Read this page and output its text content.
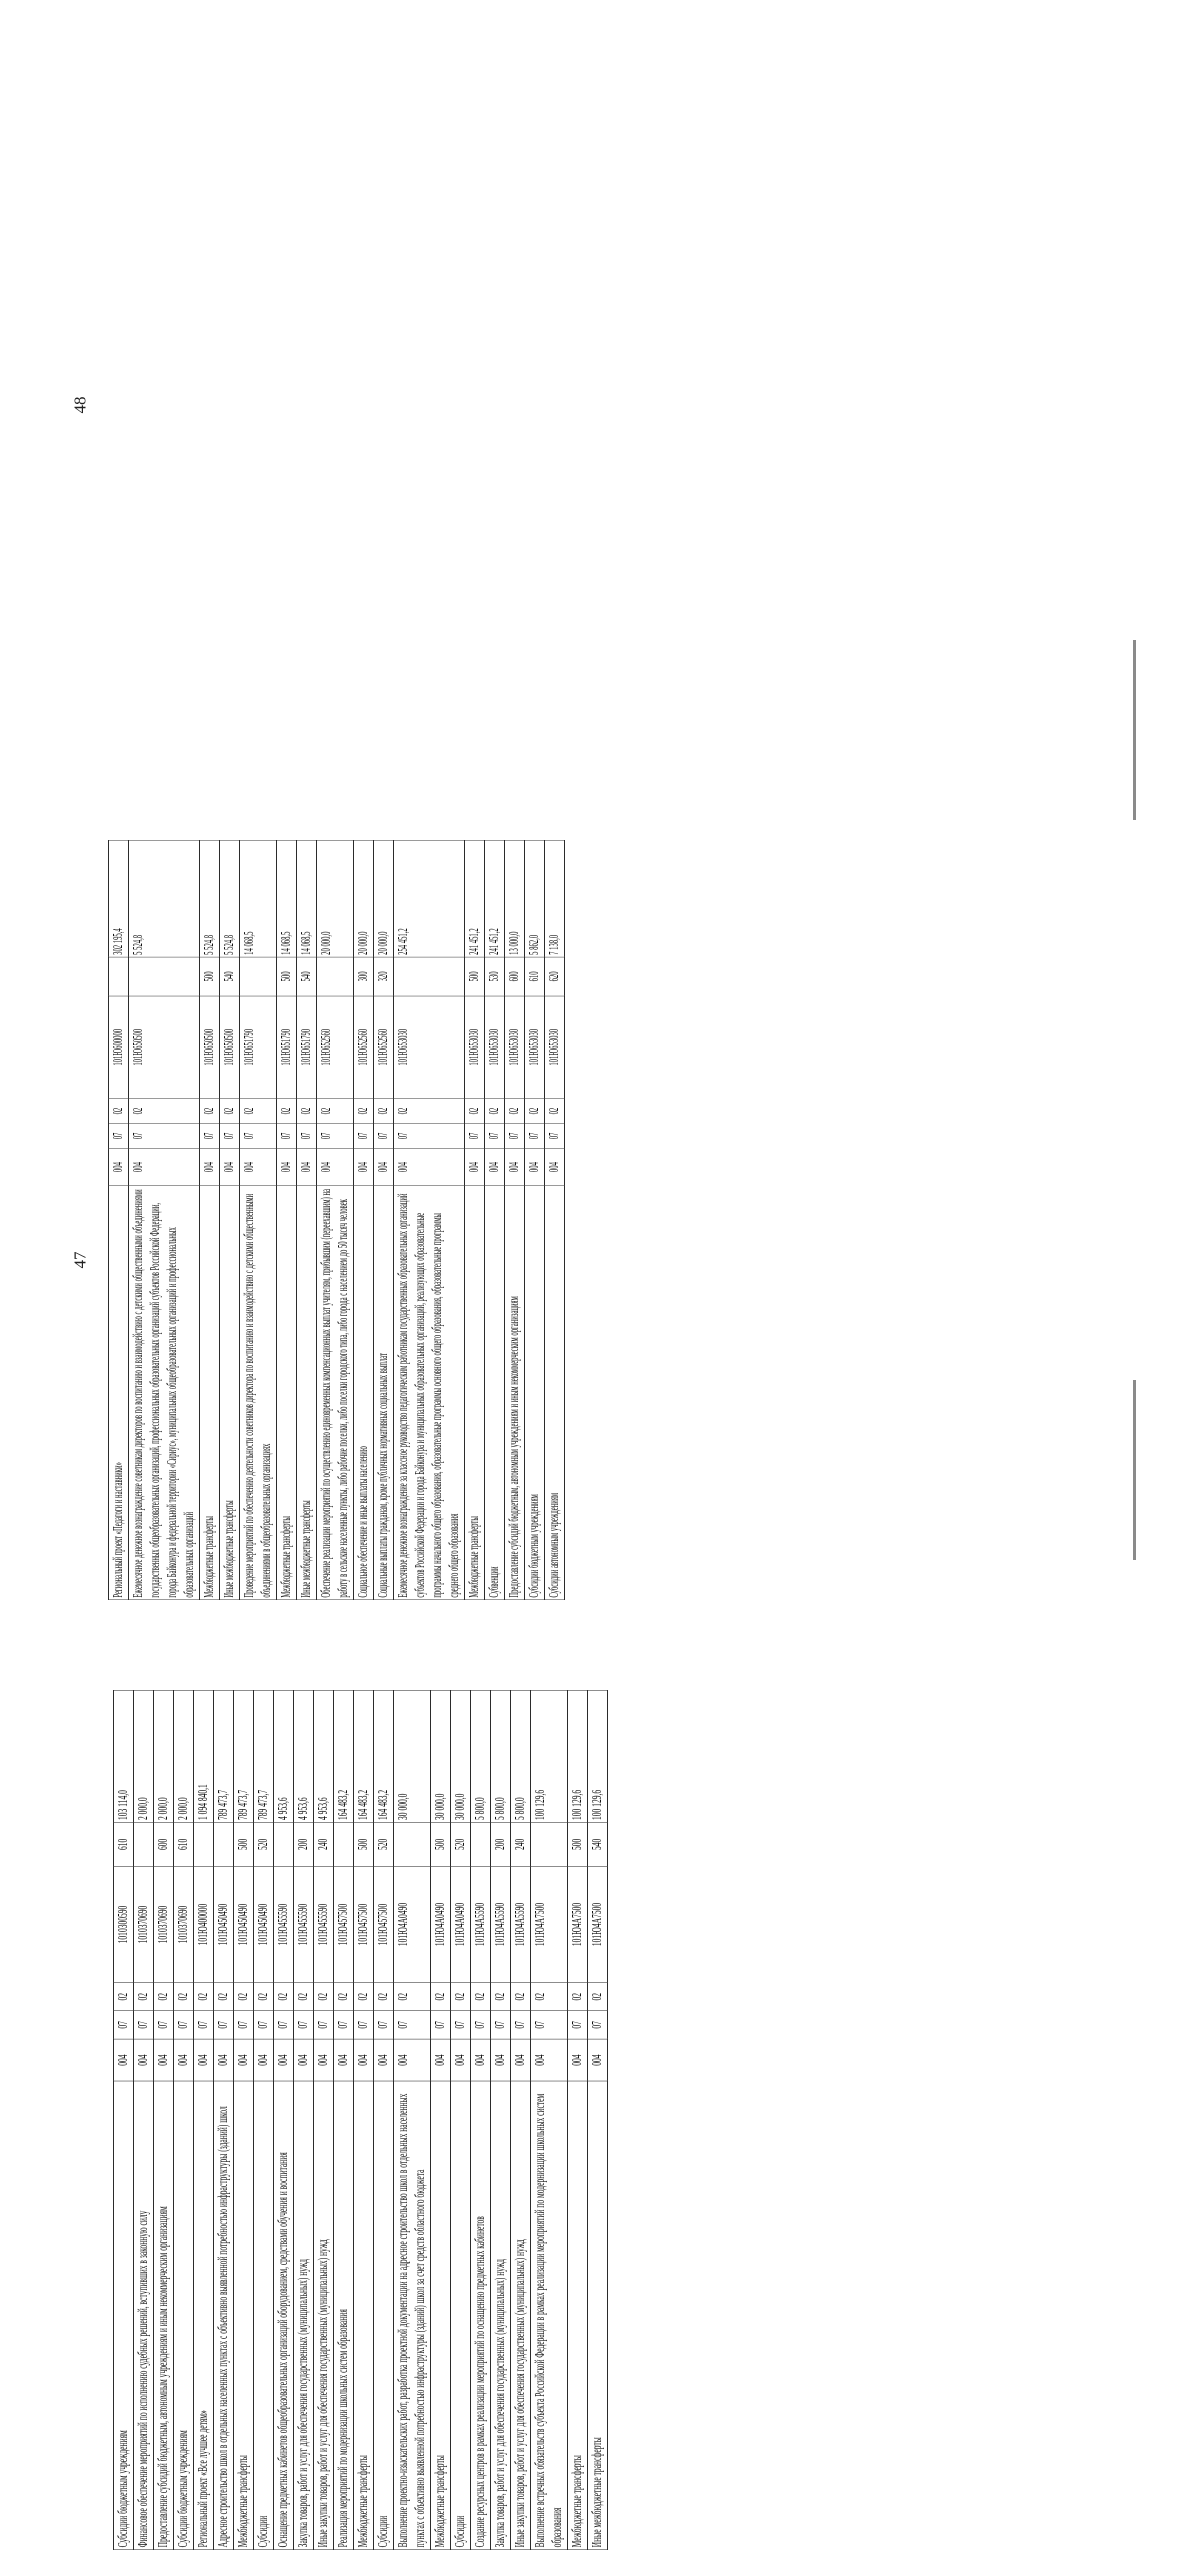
47
Субсидии бюджетным учреждениям	004	07	02	1010300590	610	103 114,0
Финансовое обеспечение мероприятий по исполнению судебных решений, вступивших в законную силу	004	07	02	1010370690		2 000,0
Предоставление субсидий бюджетным, автономным учреждениям и иным некоммерческим организациям	004	07	02	1010370690	600	2 000,0
Субсидии бюджетным учреждениям	004	07	02	1010370690	610	2 000,0
Региональный проект «Все лучшее детям»	004	07	02	101Ю400000		1 094 840,1
Адресное строительство школ в отдельных населенных пунктах с объективно выявленной потребностью инфраструктуры (зданий) школ	004	07	02	101Ю450490		789 473,7
Межбюджетные трансферты	004	07	02	101Ю450490	500	789 473,7
Субсидии	004	07	02	101Ю450490	520	789 473,7
Оснащение предметных кабинетов общеобразовательных организаций оборудованием, средствами обучения и воспитания	004	07	02	101Ю455590		4 953,6
Закупка товаров, работ и услуг для обеспечения государственных (муниципальных) нужд	004	07	02	101Ю455590	200	4 953,6
Иные закупки товаров, работ и услуг для обеспечения государственных (муниципальных) нужд	004	07	02	101Ю455590	240	4 953,6
Реализация мероприятий по модернизации школьных систем образования	004	07	02	101Ю457500		164 483,2
Межбюджетные трансферты	004	07	02	101Ю457500	500	164 483,2
Субсидии	004	07	02	101Ю457500	520	164 483,2
Выполнение проектно-изыскательских работ, разработка проектной документации на адресное строительство школ в отдельных населенных пунктах с объективно выявленной потребностью инфраструктуры (зданий) школ за счет средств областного бюджета	004	07	02	101Ю4А0490		30 000,0
Межбюджетные трансферты	004	07	02	101Ю4А0490	500	30 000,0
Субсидии	004	07	02	101Ю4А0490	520	30 000,0
Создание ресурсных центров в рамках реализации мероприятий по оснащению предметных кабинетов	004	07	02	101Ю4А5590		5 800,0
Закупка товаров, работ и услуг для обеспечения государственных (муниципальных) нужд	004	07	02	101Ю4А5590	200	5 800,0
Иные закупки товаров, работ и услуг для обеспечения государственных (муниципальных) нужд	004	07	02	101Ю4А5590	240	5 800,0
Выполнение встречных обязательств субъекта Российской Федерации в рамках реализации мероприятий по модернизации школьных систем образования	004	07	02	101Ю4А7500		100 129,6
Межбюджетные трансферты	004	07	02	101Ю4А7500	500	100 129,6
Иные межбюджетные трансферты	004	07	02	101Ю4А7500	540	100 129,6
48
Региональный проект «Педагоги и наставники»	004	07	02	101Ю600000		302 195,4
Ежемесячное денежное вознаграждение советникам директоров по воспитанию и взаимодействию с детскими общественными объединениями государственных общеобразовательных организаций, профессиональных образовательных организаций субъектов Российской Федерации, города Байконура и федеральной территории «Сириус», муниципальных общеобразовательных организаций и профессиональных образовательных организаций	004	07	02	101Ю650500		5 524,8
Межбюджетные трансферты	004	07	02	101Ю650500	500	5 524,8
Иные межбюджетные трансферты	004	07	02	101Ю650500	540	5 524,8
Проведение мероприятий по обеспечению деятельности советников директора по воспитанию и взаимодействию с детскими общественными объединениями в общеобразовательных организациях	004	07	02	101Ю651790		14 068,5
Межбюджетные трансферты	004	07	02	101Ю651790	500	14 068,5
Иные межбюджетные трансферты	004	07	02	101Ю651790	540	14 068,5
Обеспечение реализации мероприятий по осуществлению единовременных компенсационных выплат учителям, прибывшим (переехавшим) на работу в сельские населенные пункты, либо рабочие поселки, либо поселки городского типа, либо города с населением до 50 тысяч человек	004	07	02	101Ю652560		20 000,0
Социальное обеспечение и иные выплаты населению	004	07	02	101Ю652560	300	20 000,0
Социальные выплаты гражданам, кроме публичных нормативных социальных выплат	004	07	02	101Ю652560	320	20 000,0
Ежемесячное денежное вознаграждение за классное руководство педагогическим работникам государственных образовательных организаций субъектов Российской Федерации и города Байконура и муниципальных образовательных организаций, реализующих образовательные программы начального общего образования, образовательные программы основного общего образования, образовательные программы среднего общего образования	004	07	02	101Ю653030		254 451,2
Межбюджетные трансферты	004	07	02	101Ю653030	500	241 451,2
Субвенции	004	07	02	101Ю653030	530	241 451,2
Предоставление субсидий бюджетным, автономным учреждениям и иным некоммерческим организациям	004	07	02	101Ю653030	600	13 000,0
Субсидии бюджетным учреждениям	004	07	02	101Ю653030	610	5 862,0
Субсидии автономным учреждениям	004	07	02	101Ю653030	620	7 138,0
